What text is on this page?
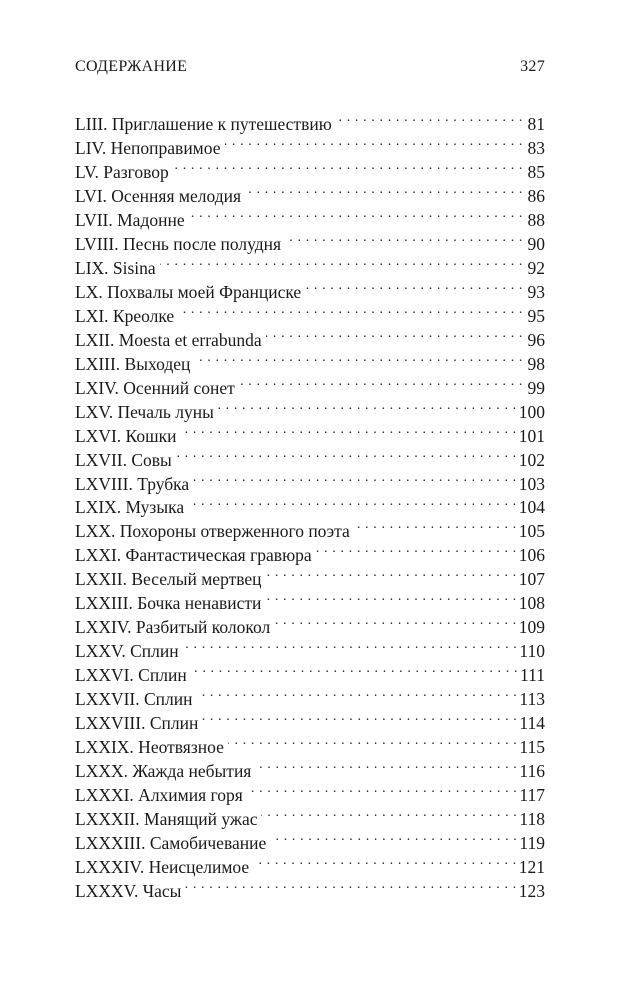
СОДЕРЖАНИЕ	327
LIII. Приглашение к путешествию . . .	81
LIV. Непоправимое . . .	83
LV. Разговор . . .	85
LVI. Осенняя мелодия . . .	86
LVII. Мадонне . . .	88
LVIII. Песнь после полудня . . .	90
LIX. Sisina . . .	92
LX. Похвалы моей Франциске . . .	93
LXI. Креолке . . .	95
LXII. Moesta et errabunda . . .	96
LXIII. Выходец . . .	98
LXIV. Осенний сонет . . .	99
LXV. Печаль луны . . .	100
LXVI. Кошки . . .	101
LXVII. Совы . . .	102
LXVIII. Трубка . . .	103
LXIX. Музыка . . .	104
LXX. Похороны отверженного поэта . . .	105
LXXI. Фантастическая гравюра . . .	106
LXXII. Веселый мертвец . . .	107
LXXIII. Бочка ненависти . . .	108
LXXIV. Разбитый колокол . . .	109
LXXV. Сплин . . .	110
LXXVI. Сплин . . .	111
LXXVII. Сплин . . .	113
LXXVIII. Сплин . . .	114
LXXIX. Неотвязное . . .	115
LXXX. Жажда небытия . . .	116
LXXXI. Алхимия горя . . .	117
LXXXII. Манящий ужас . . .	118
LXXXIII. Самобичевание . . .	119
LXXXIV. Неисцелимое . . .	121
LXXXV. Часы . . .	123
